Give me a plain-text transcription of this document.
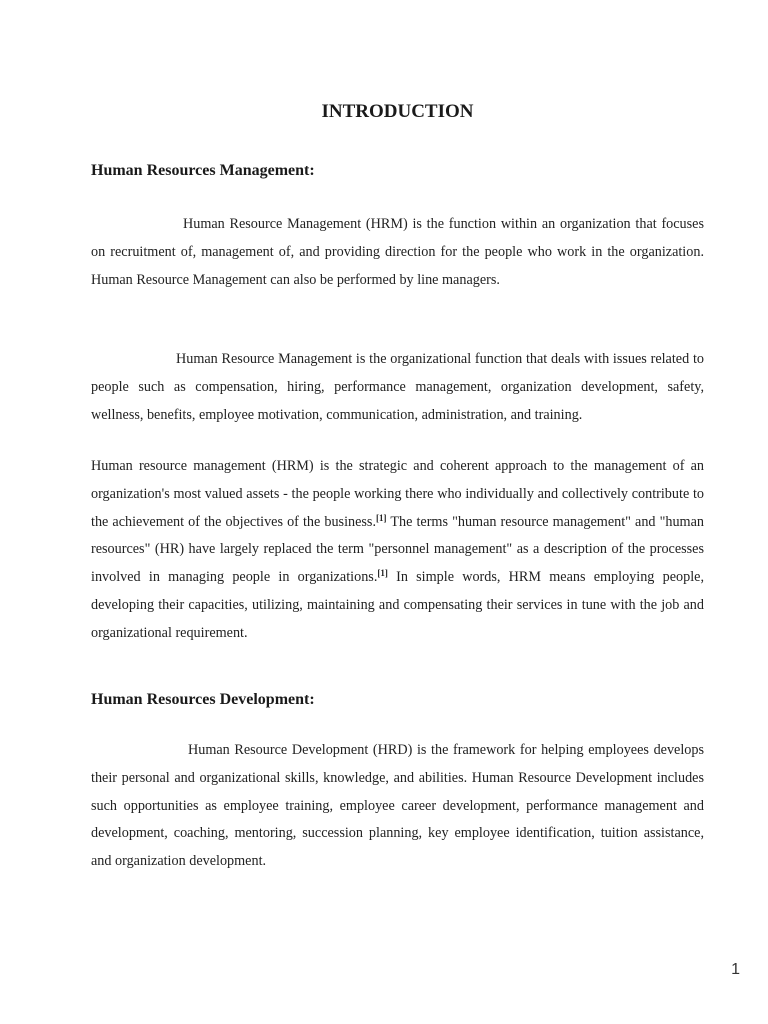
INTRODUCTION
Human Resources Management:

Human Resource Management (HRM) is the function within an organization that focuses on recruitment of, management of, and providing direction for the people who work in the organization. Human Resource Management can also be performed by line managers.

Human Resource Management is the organizational function that deals with issues related to people such as compensation, hiring, performance management, organization development, safety, wellness, benefits, employee motivation, communication, administration, and training.

Human resource management (HRM) is the strategic and coherent approach to the management of an organization's most valued assets - the people working there who individually and collectively contribute to the achievement of the objectives of the business.[1] The terms "human resource management" and "human resources" (HR) have largely replaced the term "personnel management" as a description of the processes involved in managing people in organizations.[1] In simple words, HRM means employing people, developing their capacities, utilizing, maintaining and compensating their services in tune with the job and organizational requirement.

Human Resources Development:

Human Resource Development (HRD) is the framework for helping employees develops their personal and organizational skills, knowledge, and abilities. Human Resource Development includes such opportunities as employee training, employee career development, performance management and development, coaching, mentoring, succession planning, key employee identification, tuition assistance, and organization development.

1
